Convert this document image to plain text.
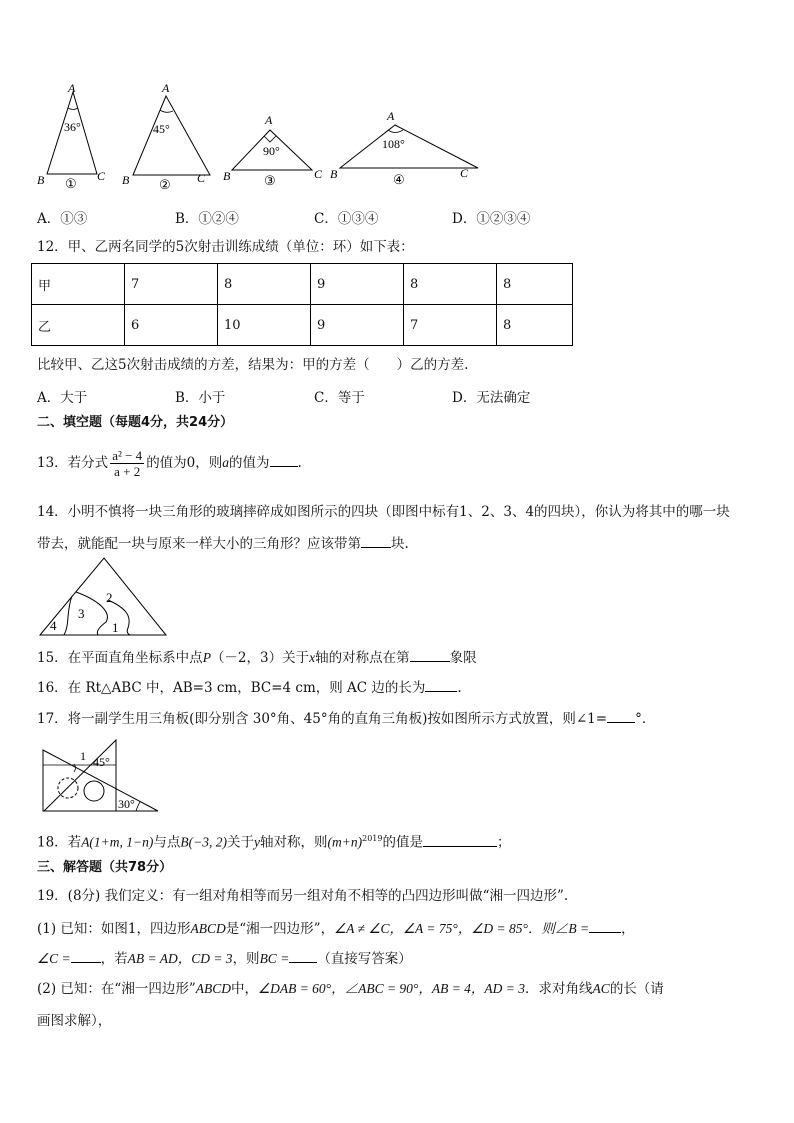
A
36°
B	C
①
A
45°
B	C
②
A
90°
B	C
③
A
108°
B	C
④
A．①③	B．①②④	C．①③④	D．①②③④
12．甲、乙两名同学的5次射击训练成绩（单位：环）如下表：
甲	7	8	9	8	8
乙	6	10	9	7	8
比较甲、乙这5次射击成绩的方差，结果为：甲的方差（　　）乙的方差.
A．大于	B．小于	C．等于	D．无法确定
二、填空题（每题4分，共24分）
13．若分式 $\frac{\text{a² − 4}}{a + 2}$ 的值为0，则a的值为 .
14．小明不慎将一块三角形的玻璃摔碎成如图所示的四块（即图中标有1、2、3、4的四块），你认为将其中的哪一块
带去，就能配一块与原来一样大小的三角形？应该带第 块.
1
2
3
4
15．在平面直角坐标系中点P（－2，3）关于x轴的对称点在第	象限
16．在 Rt△ABC 中，AB=3 cm，BC=4 cm，则 AC 边的长为 .
17．将一副学生用三角板(即分别含 30°角、45°角的直角三角板)按如图所示方式放置，则∠1= °．
1 45°
30°
18．若A(1+m, 1−n)与点B(−3, 2)关于y轴对称，则$(m+n)^{2019}$的值是	；
三、解答题（共78分）
19．(8分) 我们定义：有一组对角相等而另一组对角不相等的凸四边形叫做“湘一四边形”.
(1) 已知：如图1，四边形ABCD是“湘一四边形”，∠A ≠ ∠C，∠A = 75°，∠D = 85°．则∠B = ，
∠C = ，若AB = AD，CD = 3，则BC = （直接写答案）
(2) 已知：在“湘一四边形”ABCD中，∠DAB = 60°，∠ABC = 90°，AB = 4，AD = 3．求对角线AC的长（请
画图求解），
